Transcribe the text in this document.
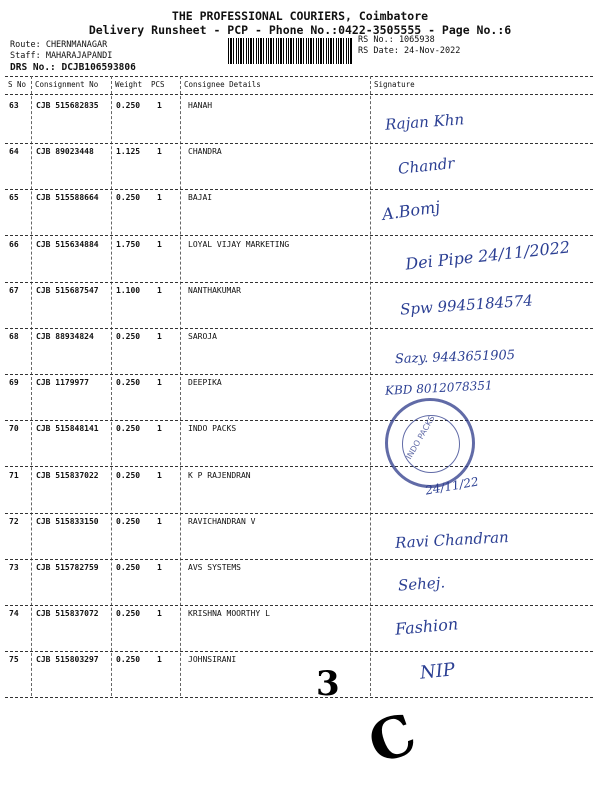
THE PROFESSIONAL COURIERS, Coimbatore
Delivery Runsheet - PCP - Phone No.:0422-3505555 - Page No.:6
Route: CHERNMANAGAR
Staff: MAHARAJAPANDI
DRS No.: DCJB106593806
RS No.: 1065938
RS Date: 24-Nov-2022
S No Consignment No Weight PCS	Consignee Details	Signature
63 CJB 515682835 0.250 1	HANAH
Rajan Khn
64 CJB 89023448	1.125 1	CHANDRA
Chandr
65 CJB 515588664 0.250 1	BAJAI	A.Bomj
66 CJB 515634884 1.750 1	LOYAL VIJAY MARKETING	Dei Pipe 24/11/2022
67 CJB 515687547 1.100 1	NANTHAKUMAR
Spw 9945184574
68 CJB 88934824	0.250 1	SAROJA
Sazy. 9443651905
69 CJB 1179977	0.250 1	DEEPIKA	KBD 8012078351
70 CJB 515848141 0.250 1	INDO PACKS
71 CJB 515837022 0.250 1	K P RAJENDRAN	24/11/22
72 CJB 515833150 0.250 1	RAVICHANDRAN V
Ravi Chandran
73 CJB 515782759 0.250 1	AVS SYSTEMS
Sehej.
74 CJB 515837072 0.250 1	KRISHNA MOORTHY L
Fashion
75 CJB 515803297 0.250 1	JOHNSIRANI	NIP
INDO PACKS
3
C
